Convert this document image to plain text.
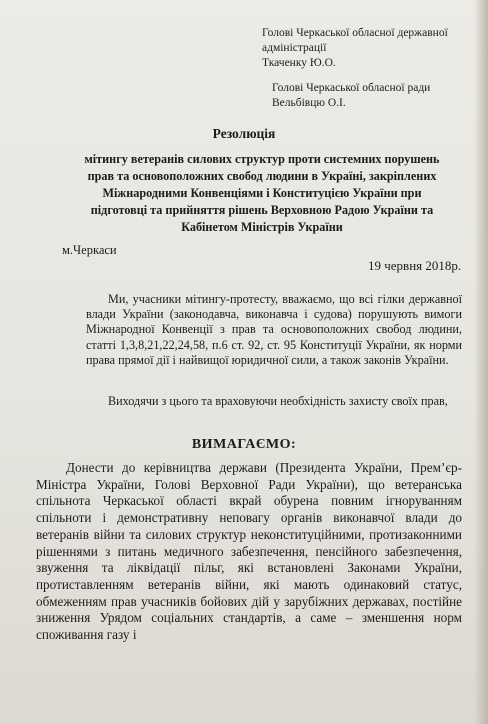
Голові Черкаської обласної державної
адміністрації
Ткаченку Ю.О.
Голові Черкаської обласної ради
Вельбівцю О.І.
Резолюція
мітингу ветеранів силових структур проти системних порушень
прав та основоположних свобод людини в Україні, закріплених
Міжнародними Конвенціями і Конституцією України при
підготовці та прийняття рішень Верховною Радою України та
Кабінетом Міністрів України
м.Черкаси
19 червня 2018р.
Ми, учасники мітингу-протесту, вважаємо, що всі гілки державної влади України (законодавча, виконавча і судова) порушують вимоги Міжнародної Конвенції з прав та основоположних свобод людини, статті 1,3,8,21,22,24,58, п.6 ст. 92, ст. 95 Конституції України, як норми права прямої дії і найвищої юридичної сили, а також законів України.
Виходячи з цього та враховуючи необхідність захисту своїх прав,
ВИМАГАЄМО:
Донести до керівництва держави (Президента України, Прем’єр-Міністра України, Голові Верховної Ради України), що ветеранська спільнота Черкаської області вкрай обурена повним ігноруванням спільноти і демонстративну неповагу органів виконавчої влади до ветеранів війни та силових структур неконституційними, протизаконними рішеннями з питань медичного забезпечення, пенсійного забезпечення, звуження та ліквідації пільг, які встановлені Законами України, протиставленням ветеранів війни, які мають одинаковий статус, обмеженням прав учасників бойових дій у зарубіжних державах, постійне зниження Урядом соціальних стандартів, а саме – зменшення норм споживання газу і
